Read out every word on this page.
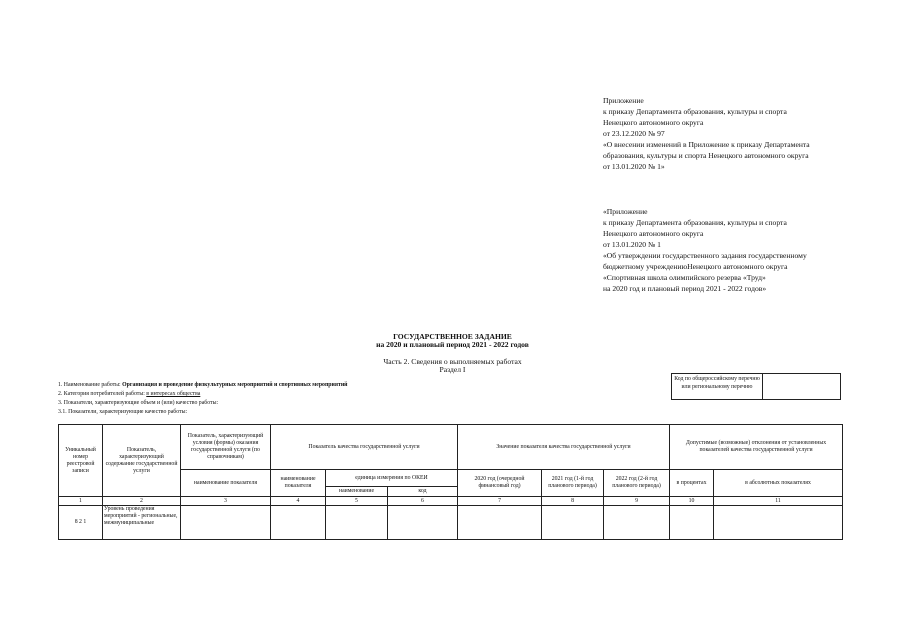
Приложение
к приказу Департамента образования, культуры и спорта
Ненецкого автономного округа
от 23.12.2020 № 97
«О внесении изменений в Приложение к приказу Департамента
образования, культуры и спорта Ненецкого автономного округа
от 13.01.2020 № 1»
«Приложение
к приказу Департамента образования, культуры и спорта
Ненецкого автономного округа
от 13.01.2020 № 1
«Об утверждении государственного задания государственному
бюджетному учреждениюНенецкого автономного округа
«Спортивная школа олимпийского резерва «Труд»
на 2020 год и плановый период 2021 - 2022 годов»
ГОСУДАРСТВЕННОЕ ЗАДАНИЕ
на 2020 и плановый период 2021 - 2022 годов
Часть 2. Сведения о выполняемых работах
Раздел I
1. Наименование работы: Организация и проведение физкультурных мероприятий и спортивных мероприятий
2. Категория потребителей работы: в интересах общества
3. Показатели, характеризующие объем и (или) качество работы:
3.1. Показатели, характеризующие качество работы:
Код по общероссийскому перечню или региональному перечню
Уникальный номер реестровой записи	Показатель, характеризующий содержание государственной услуги	Показатель, характеризующий условия (формы) оказания государственной услуги (по справочникам)	Показатель качества государственной услуги			Значение показателя качества государственной услуги			Допустимые (возможные) отклонения от установленных показателей качества государственной услуги	
		наименование показателя	наименование показателя	единица измерения по ОКЕИ		2020 год (очередной финансовый год)	2021 год (1-й год планового периода)	2022 год (2-й год планового периода)	в процентах	в абсолютных показателях
				наименование	код					
1	2	3	4	5	6	7	8	9	10	11
8 2 1	Уровень проведения мероприятий - региональные, межмуниципальные									
